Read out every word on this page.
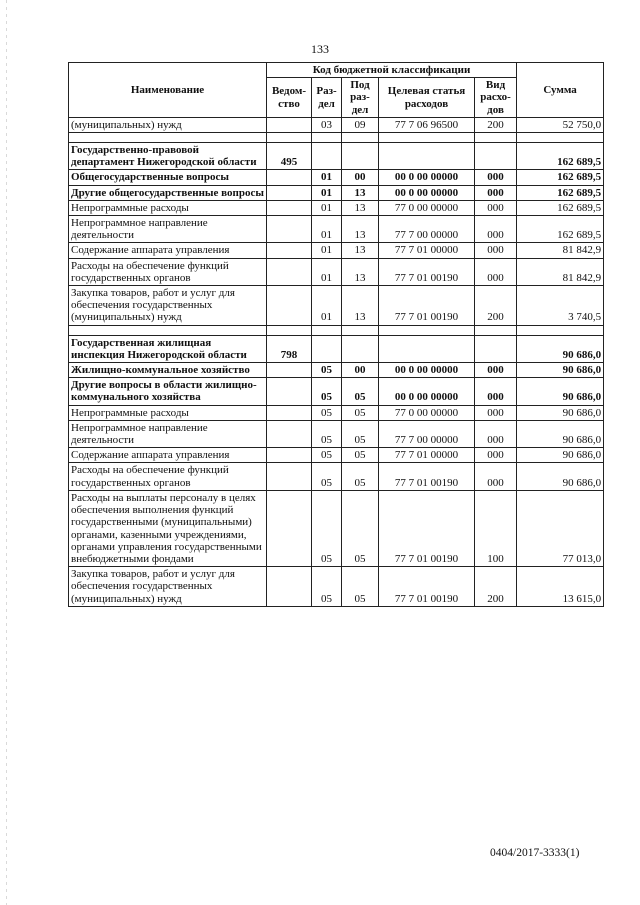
133
Наименование	Код бюджетной классификации					Сумма
	Ведом-ство	Раз-дел	Под раз-дел	Целевая статья расходов	Вид расхо-дов	
(муниципальных) нужд		03	09	77 7 06 96500	200	52 750,0

Государственно-правовой департамент Нижегородской области	495					162 689,5
Общегосударственные вопросы		01	00	00 0 00 00000	000	162 689,5
Другие общегосударственные вопросы		01	13	00 0 00 00000	000	162 689,5
Непрограммные расходы		01	13	77 0 00 00000	000	162 689,5
Непрограммное направление деятельности		01	13	77 7 00 00000	000	162 689,5
Содержание аппарата управления		01	13	77 7 01 00000	000	81 842,9
Расходы на обеспечение функций государственных органов		01	13	77 7 01 00190	000	81 842,9
Закупка товаров, работ и услуг для обеспечения государственных (муниципальных) нужд		01	13	77 7 01 00190	200	3 740,5

Государственная жилищная инспекция Нижегородской области	798					90 686,0
Жилищно-коммунальное хозяйство		05	00	00 0 00 00000	000	90 686,0
Другие вопросы в области жилищно-коммунального хозяйства		05	05	00 0 00 00000	000	90 686,0
Непрограммные расходы		05	05	77 0 00 00000	000	90 686,0
Непрограммное направление деятельности		05	05	77 7 00 00000	000	90 686,0
Содержание аппарата управления		05	05	77 7 01 00000	000	90 686,0
Расходы на обеспечение функций государственных органов		05	05	77 7 01 00190	000	90 686,0
Расходы на выплаты персоналу в целях обеспечения выполнения функций государственными (муниципальными) органами, казенными учреждениями, органами управления государственными внебюджетными фондами		05	05	77 7 01 00190	100	77 013,0
Закупка товаров, работ и услуг для обеспечения государственных (муниципальных) нужд		05	05	77 7 01 00190	200	13 615,0
0404/2017-3333(1)
